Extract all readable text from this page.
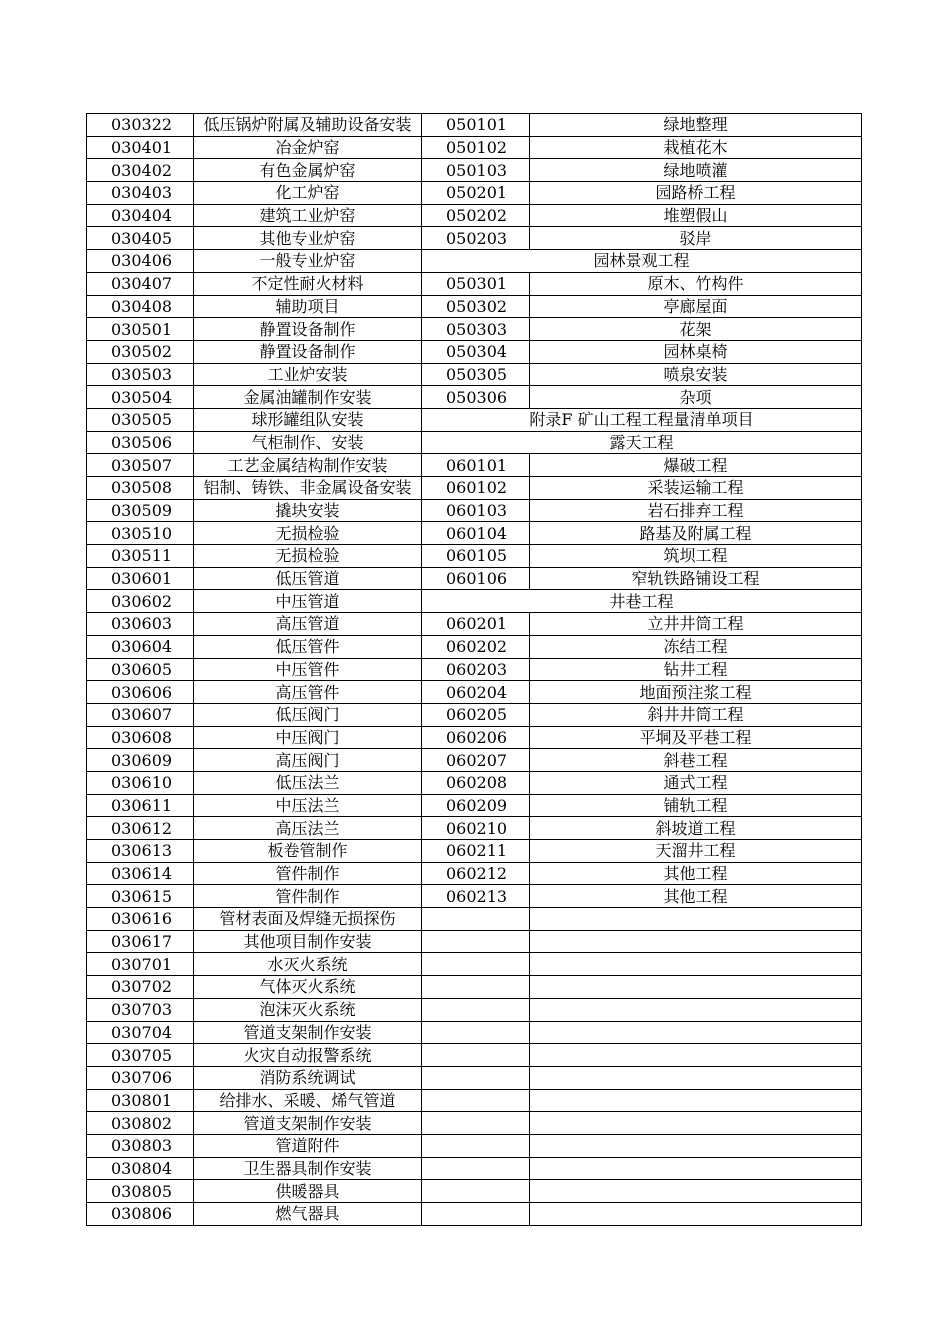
030322	低压锅炉附属及辅助设备安装	050101	绿地整理
030401	冶金炉窑	050102	栽植花木
030402	有色金属炉窑	050103	绿地喷灌
030403	化工炉窑	050201	园路桥工程
030404	建筑工业炉窑	050202	堆塑假山
030405	其他专业炉窑	050203	驳岸
030406	一般专业炉窑	园林景观工程	
030407	不定性耐火材料	050301	原木、竹构件
030408	辅助项目	050302	亭廊屋面
030501	静置设备制作	050303	花架
030502	静置设备制作	050304	园林桌椅
030503	工业炉安装	050305	喷泉安装
030504	金属油罐制作安装	050306	杂项
030505	球形罐组队安装	附录F 矿山工程工程量清单项目	
030506	气柜制作、安装	露天工程	
030507	工艺金属结构制作安装	060101	爆破工程
030508	铝制、铸铁、非金属设备安装	060102	采装运输工程
030509	撬块安装	060103	岩石排弃工程
030510	无损检验	060104	路基及附属工程
030511	无损检验	060105	筑坝工程
030601	低压管道	060106	窄轨铁路铺设工程
030602	中压管道	井巷工程	
030603	高压管道	060201	立井井筒工程
030604	低压管件	060202	冻结工程
030605	中压管件	060203	钻井工程
030606	高压管件	060204	地面预注浆工程
030607	低压阀门	060205	斜井井筒工程
030608	中压阀门	060206	平垌及平巷工程
030609	高压阀门	060207	斜巷工程
030610	低压法兰	060208	通式工程
030611	中压法兰	060209	铺轨工程
030612	高压法兰	060210	斜坡道工程
030613	板卷管制作	060211	天溜井工程
030614	管件制作	060212	其他工程
030615	管件制作	060213	其他工程
030616	管材表面及焊缝无损探伤		
030617	其他项目制作安装		
030701	水灭火系统		
030702	气体灭火系统		
030703	泡沫灭火系统		
030704	管道支架制作安装		
030705	火灾自动报警系统		
030706	消防系统调试		
030801	给排水、采暖、烯气管道		
030802	管道支架制作安装		
030803	管道附件		
030804	卫生器具制作安装		
030805	供暖器具		
030806	燃气器具		
